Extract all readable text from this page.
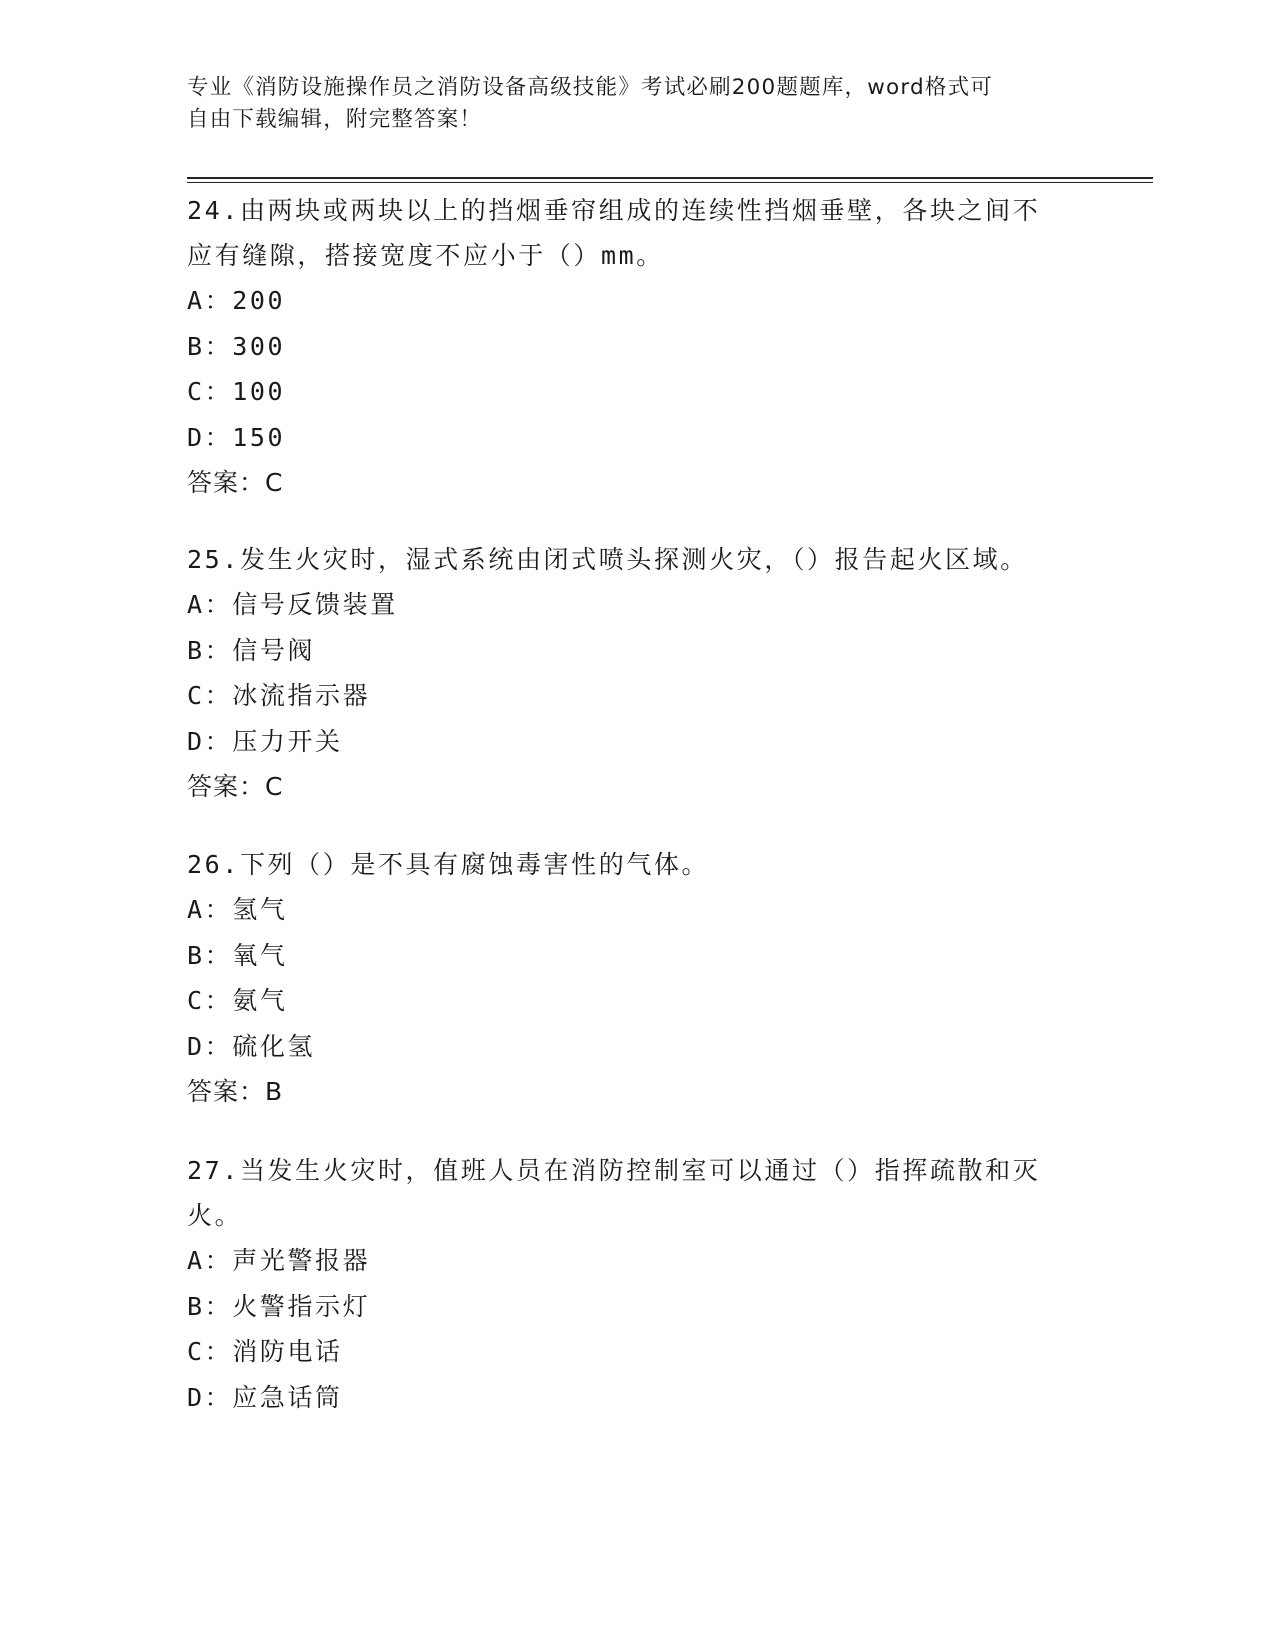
专业《消防设施操作员之消防设备高级技能》考试必刷200题题库，word格式可
自由下载编辑，附完整答案！
24.由两块或两块以上的挡烟垂帘组成的连续性挡烟垂壁，各块之间不
应有缝隙，搭接宽度不应小于（）mm。
A：200
B：300
C：100
D：150
答案：C
25.发生火灾时，湿式系统由闭式喷头探测火灾，（）报告起火区域。
A：信号反馈装置
B：信号阀
C：冰流指示器
D：压力开关
答案：C
26.下列（）是不具有腐蚀毒害性的气体。
A：氢气
B：氧气
C：氨气
D：硫化氢
答案：B
27.当发生火灾时，值班人员在消防控制室可以通过（）指挥疏散和灭
火。
A：声光警报器
B：火警指示灯
C：消防电话
D：应急话筒
